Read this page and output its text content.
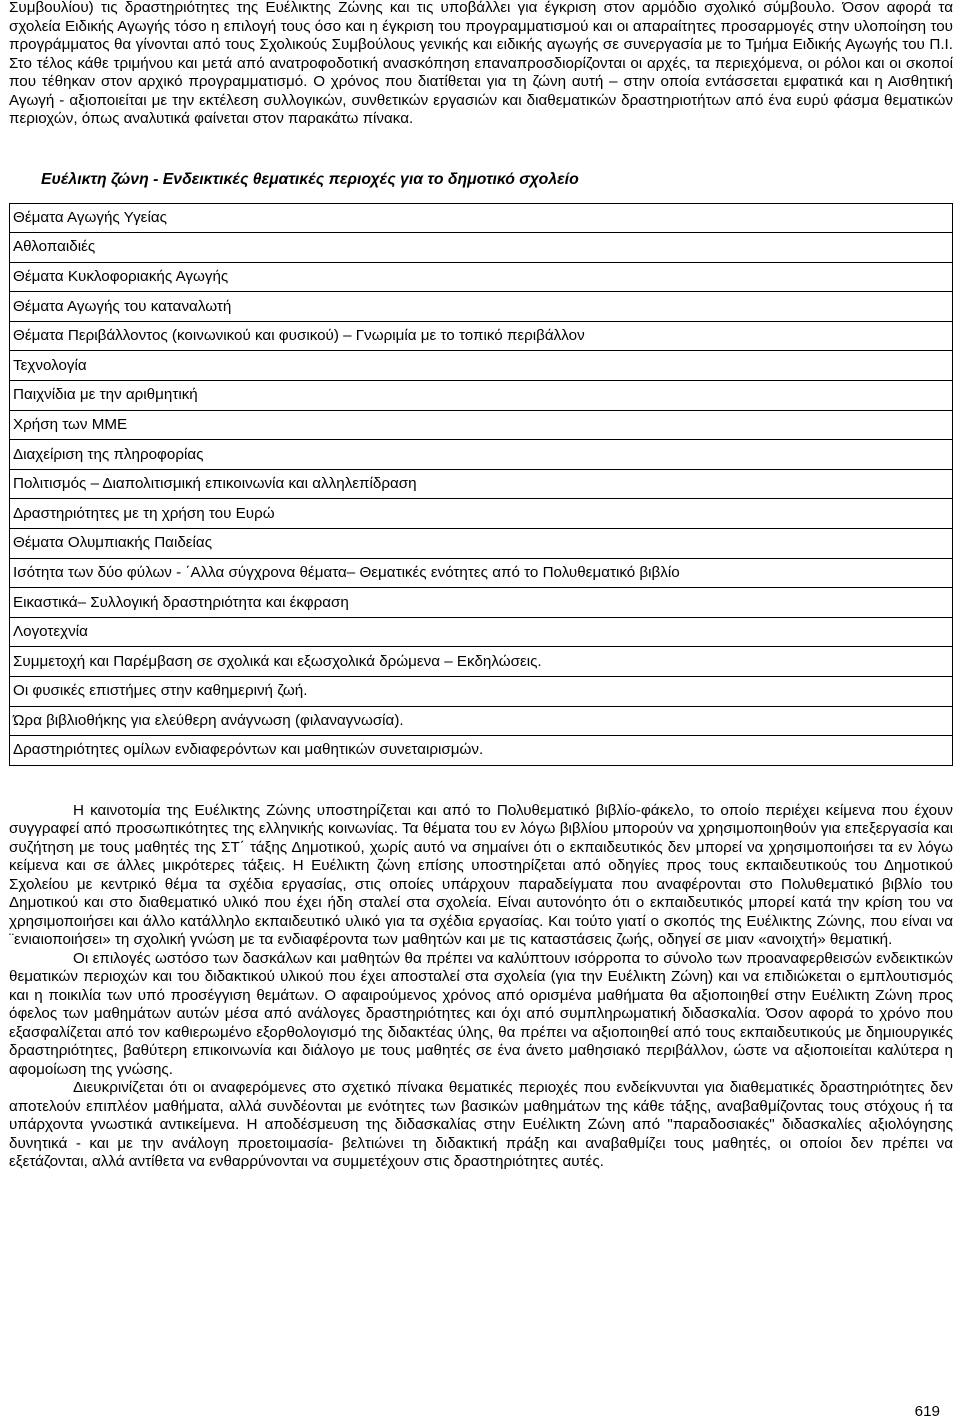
Συμβουλίου) τις δραστηριότητες της Ευέλικτης Ζώνης και τις υποβάλλει για έγκριση στον αρμόδιο σχολικό σύμβουλο. Όσον αφορά τα σχολεία Ειδικής Αγωγής τόσο η επιλογή τους όσο και η έγκριση του προγραμματισμού και οι απαραίτητες προσαρμογές στην υλοποίηση του προγράμματος θα γίνονται από τους Σχολικούς Συμβούλους γενικής και ειδικής αγωγής σε συνεργασία με το Τμήμα Ειδικής Αγωγής του Π.Ι. Στο τέλος κάθε τριμήνου και μετά από ανατροφοδοτική ανασκόπηση επαναπροσδιορίζονται οι αρχές, τα περιεχόμενα, οι ρόλοι και οι σκοποί που τέθηκαν στον αρχικό προγραμματισμό. Ο χρόνος που διατίθεται για τη ζώνη αυτή – στην οποία εντάσσεται εμφατικά και η Αισθητική Αγωγή - αξιοποιείται με την εκτέλεση συλλογικών, συνθετικών εργασιών και διαθεματικών δραστηριοτήτων από ένα ευρύ φάσμα θεματικών περιοχών, όπως αναλυτικά φαίνεται στον παρακάτω πίνακα.

Ευέλικτη ζώνη - Ενδεικτικές θεματικές περιοχές για το δημοτικό σχολείο
Θέματα Αγωγής Υγείας
Αθλοπαιδιές
Θέματα Κυκλοφοριακής Αγωγής
Θέματα Αγωγής του καταναλωτή
Θέματα Περιβάλλοντος (κοινωνικού και φυσικού) – Γνωριμία με το τοπικό περιβάλλον
Τεχνολογία
Παιχνίδια με την αριθμητική
Χρήση των ΜΜΕ
Διαχείριση της πληροφορίας
Πολιτισμός – Διαπολιτισμική επικοινωνία και αλληλεπίδραση
Δραστηριότητες με τη χρήση του Ευρώ
Θέματα Ολυμπιακής Παιδείας
Ισότητα των δύο φύλων - ΄Αλλα σύγχρονα θέματα– Θεματικές ενότητες από το Πολυθεματικό βιβλίο
Εικαστικά– Συλλογική δραστηριότητα και έκφραση
Λογοτεχνία
Συμμετοχή και Παρέμβαση σε σχολικά και εξωσχολικά δρώμενα – Εκδηλώσεις.
Οι φυσικές επιστήμες στην καθημερινή ζωή.
Ώρα βιβλιοθήκης για ελεύθερη ανάγνωση (φιλαναγνωσία).
Δραστηριότητες ομίλων ενδιαφερόντων και μαθητικών συνεταιρισμών.

Η καινοτομία της Ευέλικτης Ζώνης υποστηρίζεται και από το Πολυθεματικό βιβλίο-φάκελο, το οποίο περιέχει κείμενα που έχουν συγγραφεί από προσωπικότητες της ελληνικής κοινωνίας. Τα θέματα του εν λόγω βιβλίου μπορούν να χρησιμοποιηθούν για επεξεργασία και συζήτηση με τους μαθητές της ΣΤ΄ τάξης Δημοτικού, χωρίς αυτό να σημαίνει ότι ο εκπαιδευτικός δεν μπορεί να χρησιμοποιήσει τα εν λόγω κείμενα και σε άλλες μικρότερες τάξεις. Η Ευέλικτη ζώνη επίσης υποστηρίζεται από οδηγίες προς τους εκπαιδευτικούς του Δημοτικού Σχολείου με κεντρικό θέμα τα σχέδια εργασίας, στις οποίες υπάρχουν παραδείγματα που αναφέρονται στο Πολυθεματικό βιβλίο του Δημοτικού και στο διαθεματικό υλικό που έχει ήδη σταλεί στα σχολεία. Είναι αυτονόητο ότι ο εκπαιδευτικός μπορεί κατά την κρίση του να χρησιμοποιήσει και άλλο κατάλληλο εκπαιδευτικό υλικό για τα σχέδια εργασίας. Και τούτο γιατί ο σκοπός της Ευέλικτης Ζώνης, που είναι να ¨ενιαιοποιήσει» τη σχολική γνώση με τα ενδιαφέροντα των μαθητών και με τις καταστάσεις ζωής, οδηγεί σε μιαν «ανοιχτή» θεματική.

Οι επιλογές ωστόσο των δασκάλων και μαθητών θα πρέπει να καλύπτουν ισόρροπα το σύνολο των προαναφερθεισών ενδεικτικών θεματικών περιοχών και του διδακτικού υλικού που έχει αποσταλεί στα σχολεία (για την Ευέλικτη Ζώνη) και να επιδιώκεται ο εμπλουτισμός και η ποικιλία των υπό προσέγγιση θεμάτων. Ο αφαιρούμενος χρόνος από ορισμένα μαθήματα θα αξιοποιηθεί στην Ευέλικτη Ζώνη προς όφελος των μαθημάτων αυτών μέσα από ανάλογες δραστηριότητες και όχι από συμπληρωματική διδασκαλία. Όσον αφορά το χρόνο που εξασφαλίζεται από τον καθιερωμένο εξορθολογισμό της διδακτέας ύλης, θα πρέπει να αξιοποιηθεί από τους εκπαιδευτικούς με δημιουργικές δραστηριότητες, βαθύτερη επικοινωνία και διάλογο με τους μαθητές σε ένα άνετο μαθησιακό περιβάλλον, ώστε να αξιοποιείται καλύτερα η αφομοίωση της γνώσης.

Διευκρινίζεται ότι οι αναφερόμενες στο σχετικό πίνακα θεματικές περιοχές που ενδείκνυνται για διαθεματικές δραστηριότητες δεν αποτελούν επιπλέον μαθήματα, αλλά συνδέονται με ενότητες των βασικών μαθημάτων της κάθε τάξης, αναβαθμίζοντας τους στόχους ή τα υπάρχοντα γνωστικά αντικείμενα. Η αποδέσμευση της διδασκαλίας στην Ευέλικτη Ζώνη από "παραδοσιακές" διδασκαλίες αξιολόγησης δυνητικά - και με την ανάλογη προετοιμασία- βελτιώνει τη διδακτική πράξη και αναβαθμίζει τους μαθητές, οι οποίοι δεν πρέπει να εξετάζονται, αλλά αντίθετα να ενθαρρύνονται να συμμετέχουν στις δραστηριότητες αυτές.

619
